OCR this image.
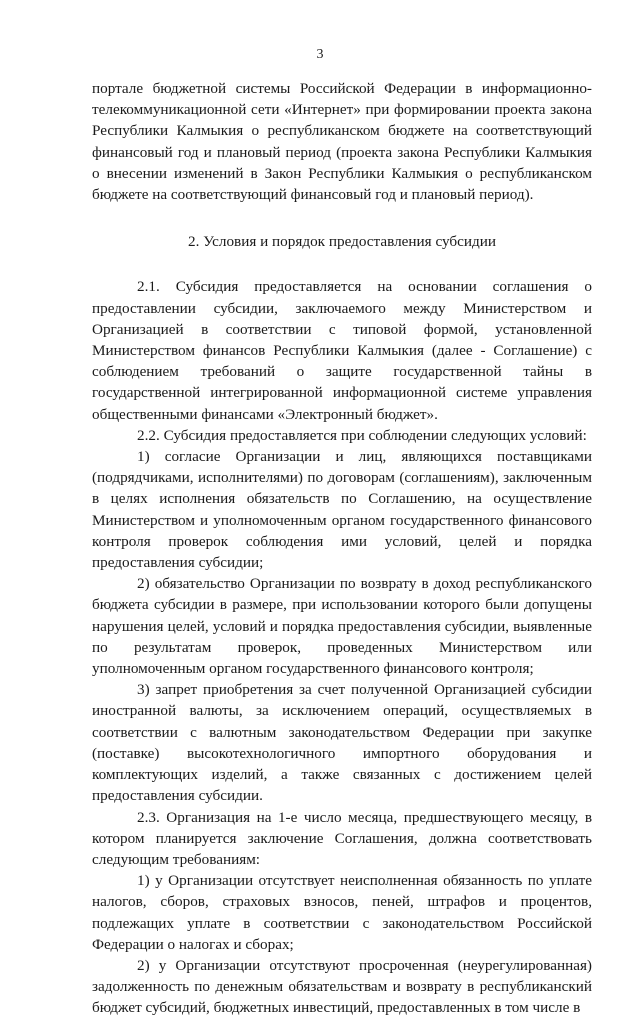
3

порталe бюджетной системы Российской Федерации в информационно-телекоммуникационной сети «Интернет» при формировании проекта закона Республики Калмыкия о республиканском бюджете на соответствующий финансовый год и плановый период (проекта закона Республики Калмыкия о внесении изменений в Закон Республики Калмыкия о республиканском бюджете на соответствующий финансовый год и плановый период).

2. Условия и порядок предоставления субсидии

2.1. Субсидия предоставляется на основании соглашения о предоставлении субсидии, заключаемого между Министерством и Организацией в соответствии с типовой формой, установленной Министерством финансов Республики Калмыкия (далее - Соглашение) с соблюдением требований о защите государственной тайны в государственной интегрированной информационной системе управления общественными финансами «Электронный бюджет».

2.2. Субсидия предоставляется при соблюдении следующих условий:

1) согласие Организации и лиц, являющихся поставщиками (подрядчиками, исполнителями) по договорам (соглашениям), заключенным в целях исполнения обязательств по Соглашению, на осуществление Министерством и уполномоченным органом государственного финансового контроля проверок соблюдения ими условий, целей и порядка предоставления субсидии;

2) обязательство Организации по возврату в доход республиканского бюджета субсидии в размере, при использовании которого были допущены нарушения целей, условий и порядка предоставления субсидии, выявленные по результатам проверок, проведенных Министерством или уполномоченным органом государственного финансового контроля;

3) запрет приобретения за счет полученной Организацией субсидии иностранной валюты, за исключением операций, осуществляемых в соответствии с валютным законодательством Федерации при закупке (поставке) высокотехнологичного импортного оборудования и комплектующих изделий, а также связанных с достижением целей предоставления субсидии.

2.3. Организация на 1-е число месяца, предшествующего месяцу, в котором планируется заключение Соглашения, должна соответствовать следующим требованиям:

1) у Организации отсутствует неисполненная обязанность по уплате налогов, сборов, страховых взносов, пеней, штрафов и процентов, подлежащих уплате в соответствии с законодательством Российской Федерации о налогах и сборах;

2) у Организации отсутствуют просроченная (неурегулированная) задолженность по денежным обязательствам и возврату в республиканский бюджет субсидий, бюджетных инвестиций, предоставленных в том числе в
